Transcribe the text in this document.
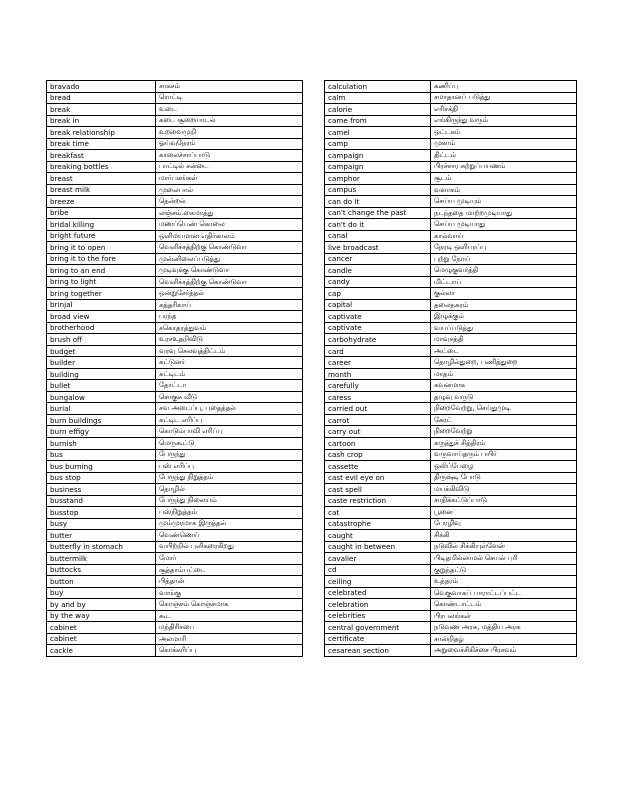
bravado	சாகசம்
bread	ரொட்டி
break	உடை
break in	கடை சூறையாடல்
break relationship	உறவைமுறி
break time	ஓய்வுநேரம்
breakfast	காலைச்சாப்பாடு
breaking bottles	பாட்டில் சன்டை
breast	மார்பகங்கள்
breast milk	முலைபால்
breeze	தென்றல்
bribe	லஞ்சம்.கைமாத்து
bridal killing	மணப்பெண் கொலை
bright future	ஒளிமயமான எதிர்காலம்
bring it to open	வெளிச்சத்திற்கு கொண்டுவா
bring it to the fore	முன்னிலைப்படுத்து
bring to an end	முடிவுக்கு கொண்டுவா
bring to light	வெளிச்சத்திற்கு கொண்டுவா
bring together	ஒன்றுசேர்த்தல்
brinjal	கத்தரிகாய்
broad view	பரந்த
brotherhood	சகொதரத்துவம்
brush off	உரசஉதறிவிடு
budget	வரவு செலவுத்திட்டம்
builder	கட்டுனர்
building	கட்டிடம்
bullet	தோட்டா
bungalow	சொகுசு வீடு
burial	சவ அடைப்பு, புதைத்தல்
burn buildings	கட்டிட எரிப்பு
burn effigy	கொடும்பாவி எரிப்பு
burnish	மெருகூட்டு
bus	பேருந்து
bus burning	பஸ் எரிப்பு
bus stop	பேருந்து நிறுத்தம்
business	தொழில்
busstand	பேருந்து நிலையம்
busstop	பஸ்நிறுத்தம்
busy	மும்முரமாக இருத்தல்
butter	வெண்ணெய்
butterfly in stomach	வயிற்றில் புளிகரைகிறது
buttermilk	மோர்
buttocks	சூத்தாம்பட்டை
button	பித்தான்
buy	வாங்கு
by and by	கொஞ்சம் கொஞ்சமாக
by the way	கூட
cabinet	மந்திரிசபை
cabinet	அலமாரி
cackle	கொக்கரிப்பு
calculation	கணிப்பு
calm	சமாதானப் படுத்து
calorie	எரிசக்தி
came from	எங்கிருந்து வரும்
camel	ஒட்டகம்
camp	முகாம்
campaign	திட்டம்
campaign	பிரச்சார சுற்றுப்பயணம்
camphor	சூடம்
campus	வளாகம்
can do it	செய்ய முடியும்
can't change the past	நடந்ததை மாற்றமுடியாது
can't do it	செய்ய முடியாது
canal	கால்வாய்
live broadcast	நேரடி ஒளிபரப்பு
cancer	புற்று நோய்
candle	மெழுகுவர்த்தி
candy	மிட்டாய்
cap	குல்லா
capital	தலைநகரம்
captivate	இழுக்கும்
captivate	வயப்படுத்து
carbohydrate	மாவுசத்தி
card	அட்டை
career	தொழில்துறை, பணித்துறை
month	மாதம்
carefully	கவனமாக
caress	தழுவு வருடு
carried out	நிறைவேற்று, செய்துமுடி
carrot	கேரட்
carry out	நிறைவேற்று
cartoon	கருத்துச் சித்திரம்
cash crop	வருவாய்தரும் பயிர்
cassette	ஒலிப்பேழை
cast evil eye on	திருஷ்டி போடு
cast spell	மயக்கிவிடு
caste restriction	சாதிக்கட்டுப்பாடு
cat	பூனை
catastrophe	பேரழிவு
caught	சிக்கி
caught in between	நடுவில் சிக்கியுள்ளேன்
cavalier	பிடிதமில்லாமல் செயல் புரி
cd	குறுந்தட்டு
ceiling	உத்தரம்
celebrated	வெகுவாகப் பாராட்டப்பட்ட
celebration	கொண்டாட்டம்
celebrities	பிரபலங்கள்
central government	நடுவண அரசு, மத்திய அரசு
certificate	சான்றிதழ்
cesarean section	அறுவைச்சிகிச்சை பிரசவம்
